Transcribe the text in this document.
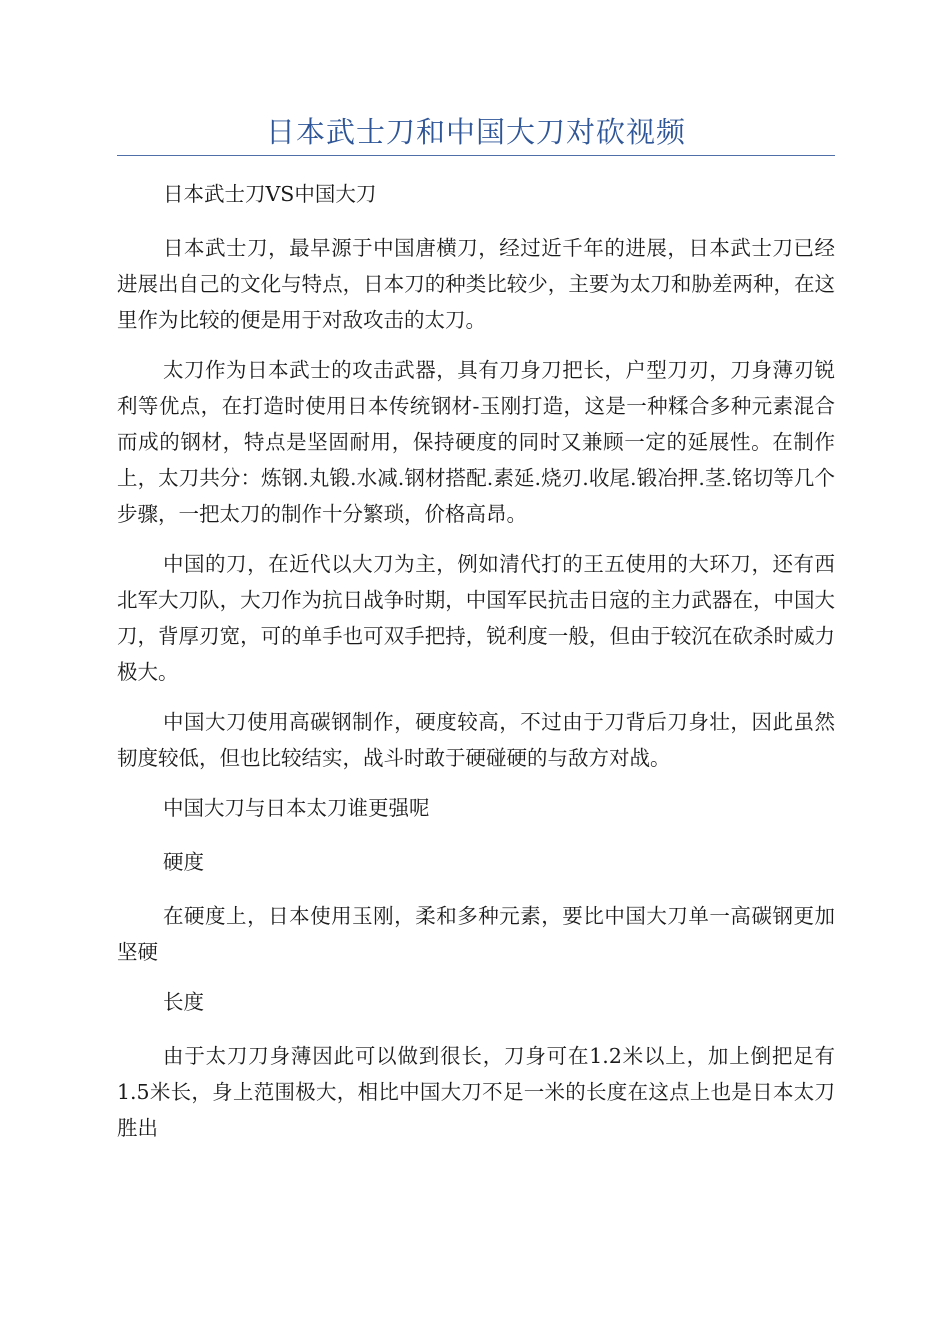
日本武士刀和中国大刀对砍视频

日本武士刀VS中国大刀

日本武士刀，最早源于中国唐横刀，经过近千年的进展，日本武士刀已经进展出自己的文化与特点，日本刀的种类比较少，主要为太刀和胁差两种，在这里作为比较的便是用于对敌攻击的太刀。

太刀作为日本武士的攻击武器，具有刀身刀把长，户型刀刃，刀身薄刃锐利等优点，在打造时使用日本传统钢材-玉刚打造，这是一种糅合多种元素混合而成的钢材，特点是坚固耐用，保持硬度的同时又兼顾一定的延展性。在制作上，太刀共分：炼钢.丸锻.水减.钢材搭配.素延.烧刃.收尾.锻冶押.茎.铭切等几个步骤，一把太刀的制作十分繁琐，价格高昂。

中国的刀，在近代以大刀为主，例如清代打的王五使用的大环刀，还有西北军大刀队，大刀作为抗日战争时期，中国军民抗击日寇的主力武器在，中国大刀，背厚刃宽，可的单手也可双手把持，锐利度一般，但由于较沉在砍杀时威力极大。

中国大刀使用高碳钢制作，硬度较高，不过由于刀背后刀身壮，因此虽然韧度较低，但也比较结实，战斗时敢于硬碰硬的与敌方对战。

中国大刀与日本太刀谁更强呢

硬度

在硬度上，日本使用玉刚，柔和多种元素，要比中国大刀单一高碳钢更加坚硬

长度

由于太刀刀身薄因此可以做到很长，刀身可在1.2米以上，加上倒把足有1.5米长，身上范围极大，相比中国大刀不足一米的长度在这点上也是日本太刀胜出
